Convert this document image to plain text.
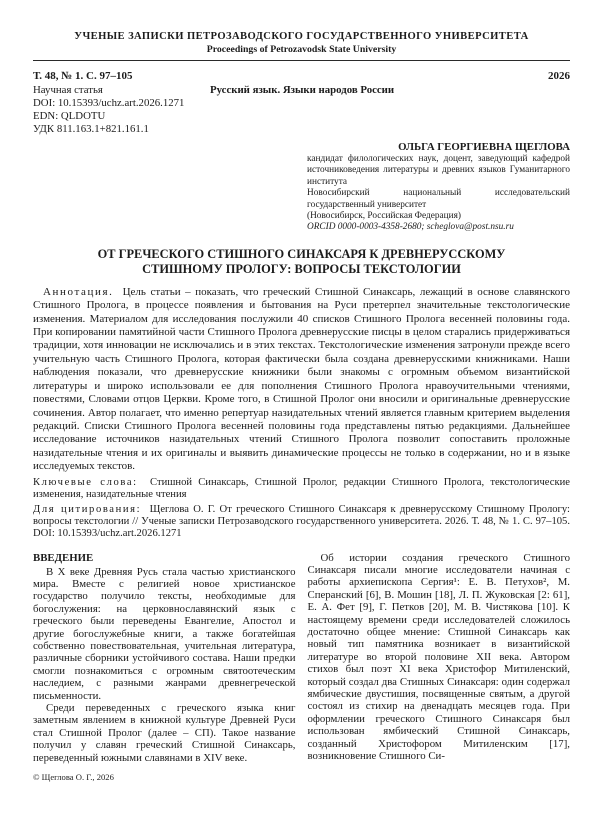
УЧЕНЫЕ ЗАПИСКИ ПЕТРОЗАВОДСКОГО ГОСУДАРСТВЕННОГО УНИВЕРСИТЕТА
Proceedings of Petrozavodsk State University
Т. 48, № 1. С. 97–105	2026
Научная статья	Русский язык. Языки народов России
DOI: 10.15393/uchz.art.2026.1271
EDN: QLDOTU
УДК 811.163.1+821.161.1
ОЛЬГА ГЕОРГИЕВНА ЩЕГЛОВА
кандидат филологических наук, доцент, заведующий кафедрой источниковедения литературы и древних языков Гуманитарного института
Новосибирский национальный исследовательский государственный университет
(Новосибирск, Российская Федерация)
ORCID 0000-0003-4358-2680; scheglova@post.nsu.ru
ОТ ГРЕЧЕСКОГО СТИШНОГО СИНАКСАРЯ К ДРЕВНЕРУССКОМУ
СТИШНОМУ ПРОЛОГУ: ВОПРОСЫ ТЕКСТОЛОГИИ

Аннотация. Цель статьи – показать, что греческий Стишной Синаксарь, лежащий в основе славянского Стишного Пролога, в процессе появления и бытования на Руси претерпел значительные текстологические изменения. Материалом для исследования послужили 40 списков Стишного Пролога весенней половины года. При копировании памятийной части Стишного Пролога древнерусские писцы в целом старались придерживаться традиции, хотя инновации не исключались и в этих текстах. Текстологические изменения затронули прежде всего учительную часть Стишного Пролога, которая фактически была создана древнерусскими книжниками. Наши наблюдения показали, что древнерусские книжники были знакомы с огромным объемом византийской литературы и широко использовали ее для пополнения Стишного Пролога нравоучительными чтениями, повестями, Словами отцов Церкви. Кроме того, в Стишной Пролог они вносили и оригинальные древнерусские сочинения. Автор полагает, что именно репертуар назидательных чтений является главным критерием выделения редакций. Списки Стишного Пролога весенней половины года представлены пятью редакциями. Дальнейшее исследование источников назидательных чтений Стишного Пролога позволит сопоставить проложные назидательные чтения и их оригиналы и выявить динамические процессы не только в содержании, но и в языке исследуемых текстов.

Ключевые слова: Стишной Синаксарь, Стишной Пролог, редакции Стишного Пролога, текстологические изменения, назидательные чтения

Для цитирования: Щеглова О. Г. От греческого Стишного Синаксаря к древнерусскому Стишному Прологу: вопросы текстологии // Ученые записки Петрозаводского государственного университета. 2026. Т. 48, № 1. С. 97–105. DOI: 10.15393/uchz.art.2026.1271

ВВЕДЕНИЕ

В X веке Древняя Русь стала частью христианского мира. Вместе с религией новое христианское государство получило тексты, необходимые для богослужения: на церковнославянский язык с греческого были переведены Евангелие, Апостол и другие богослужебные книги, а также богатейшая собственно повествовательная, учительная литература, различные сборники устойчивого состава. Наши предки смогли познакомиться с огромным святоотеческим наследием, с разными жанрами древнегреческой письменности.

Среди переведенных с греческого языка книг заметным явлением в книжной культуре Древней Руси стал Стишной Пролог (далее – СП). Такое название получил у славян греческий Стишной Синаксарь, переведенный южными славянами в XIV веке.

© Щеглова О. Г., 2026

Об истории создания греческого Стишного Синаксаря писали многие исследователи начиная с работы архиепископа Сергия¹: Е. В. Петухов², М. Сперанский [6], В. Мошин [18], Л. П. Жуковская [2: 61], Е. А. Фет [9], Г. Петков [20], М. В. Чистякова [10]. К настоящему времени среди исследователей сложилось достаточно общее мнение: Стишной Синаксарь как новый тип памятника возникает в византийской литературе во второй половине XII века. Автором стихов был поэт XI века Христофор Митиленский, который создал два Стишных Синаксаря: один содержал ямбические двустишия, посвященные святым, а другой состоял из стихир на двенадцать месяцев года. При оформлении греческого Стишного Синаксаря был использован ямбический Стишной Синаксарь, созданный Христофором Митиленским [17], возникновение Стишного Си-
